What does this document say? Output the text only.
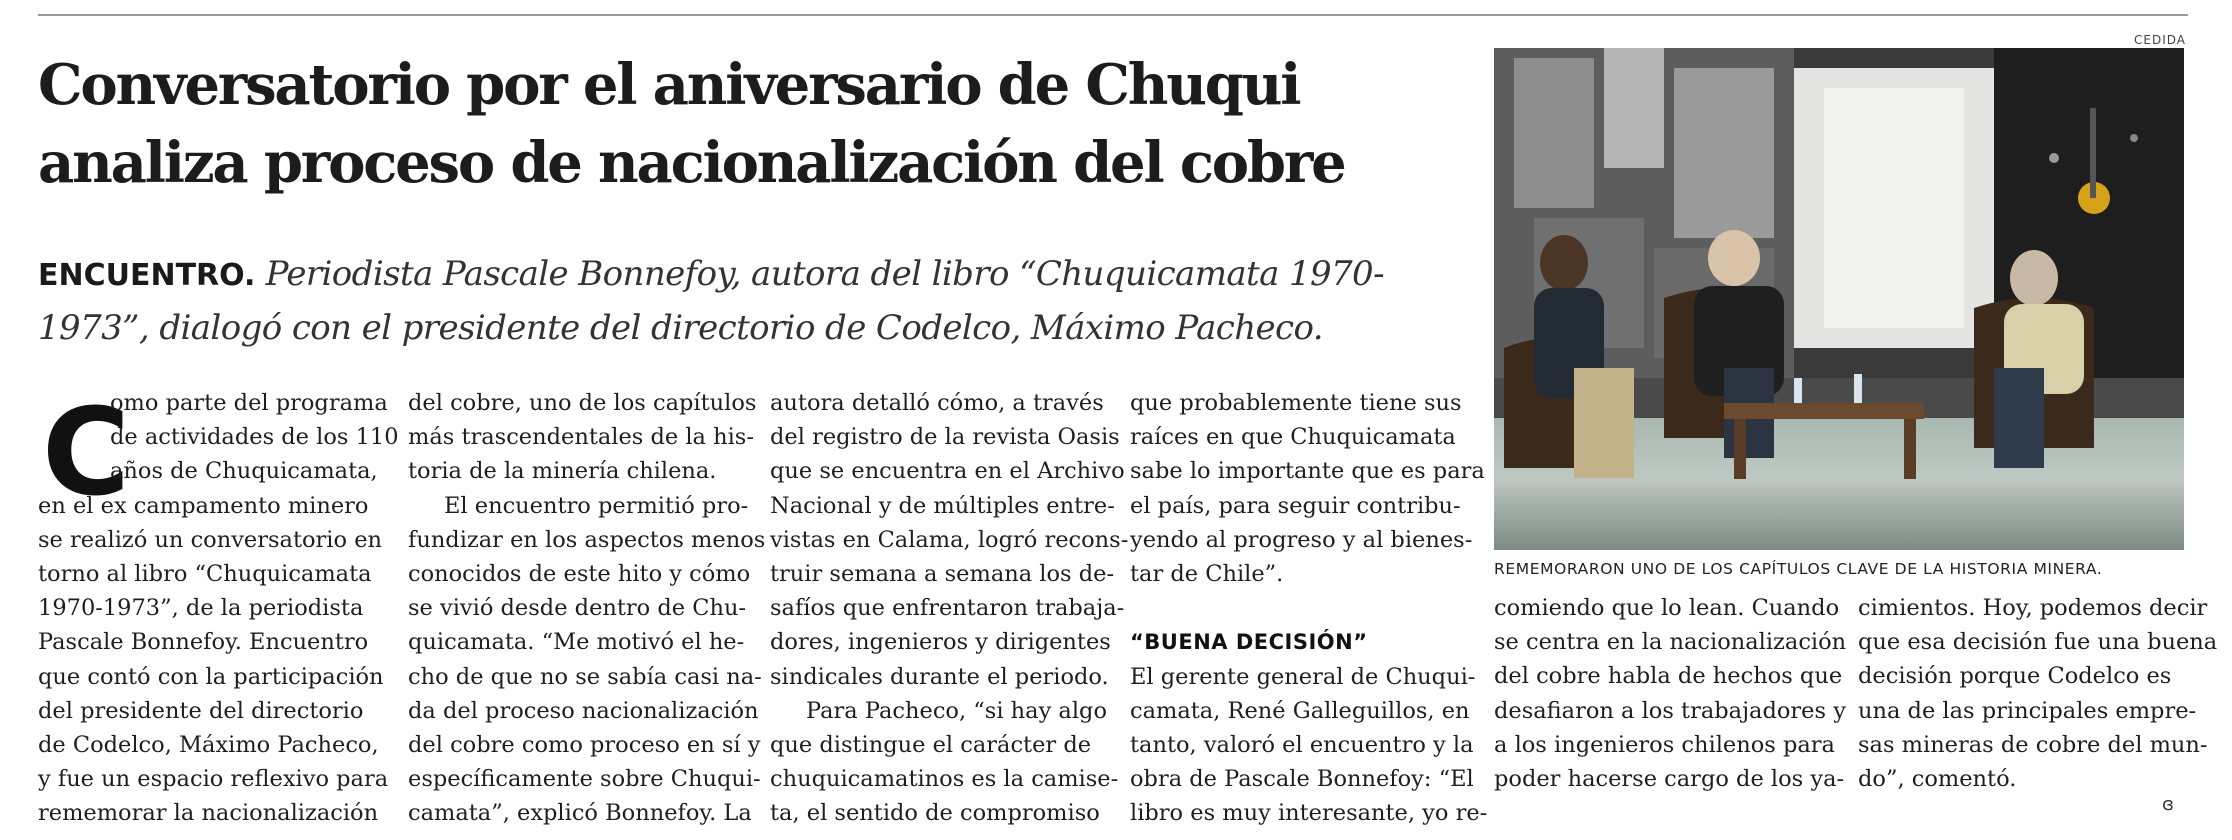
Conversatorio por el aniversario de Chuqui
analiza proceso de nacionalización del cobre
ENCUENTRO. Periodista Pascale Bonnefoy, autora del libro “Chuquicamata 1970-
1973”, dialogó con el presidente del directorio de Codelco, Máximo Pacheco.
C
omo parte del programa
de actividades de los 110
años de Chuquicamata,
en el ex campamento minero
se realizó un conversatorio en
torno al libro “Chuquicamata
1970-1973”, de la periodista
Pascale Bonnefoy. Encuentro
que contó con la participación
del presidente del directorio
de Codelco, Máximo Pacheco,
y fue un espacio reflexivo para
rememorar la nacionalización
del cobre, uno de los capítulos
más trascendentales de la his-
toria de la minería chilena.
El encuentro permitió pro-
fundizar en los aspectos menos
conocidos de este hito y cómo
se vivió desde dentro de Chu-
quicamata. “Me motivó el he-
cho de que no se sabía casi na-
da del proceso nacionalización
del cobre como proceso en sí y
específicamente sobre Chuqui-
camata”, explicó Bonnefoy. La
autora detalló cómo, a través
del registro de la revista Oasis
que se encuentra en el Archivo
Nacional y de múltiples entre-
vistas en Calama, logró recons-
truir semana a semana los de-
safíos que enfrentaron trabaja-
dores, ingenieros y dirigentes
sindicales durante el periodo.
Para Pacheco, “si hay algo
que distingue el carácter de
chuquicamatinos es la camise-
ta, el sentido de compromiso
que probablemente tiene sus
raíces en que Chuquicamata
sabe lo importante que es para
el país, para seguir contribu-
yendo al progreso y al bienes-
tar de Chile”.
“BUENA DECISIÓN”
El gerente general de Chuqui-
camata, René Galleguillos, en
tanto, valoró el encuentro y la
obra de Pascale Bonnefoy: “El
libro es muy interesante, yo re-
comiendo que lo lean. Cuando
se centra en la nacionalización
del cobre habla de hechos que
desafiaron a los trabajadores y
a los ingenieros chilenos para
poder hacerse cargo de los ya-
cimientos. Hoy, podemos decir
que esa decisión fue una buena
decisión porque Codelco es
una de las principales empre-
sas mineras de cobre del mun-
do”, comentó.
CEDIDA
REMEMORARON UNO DE LOS CAPÍTULOS CLAVE DE LA HISTORIA MINERA.
ɞ
